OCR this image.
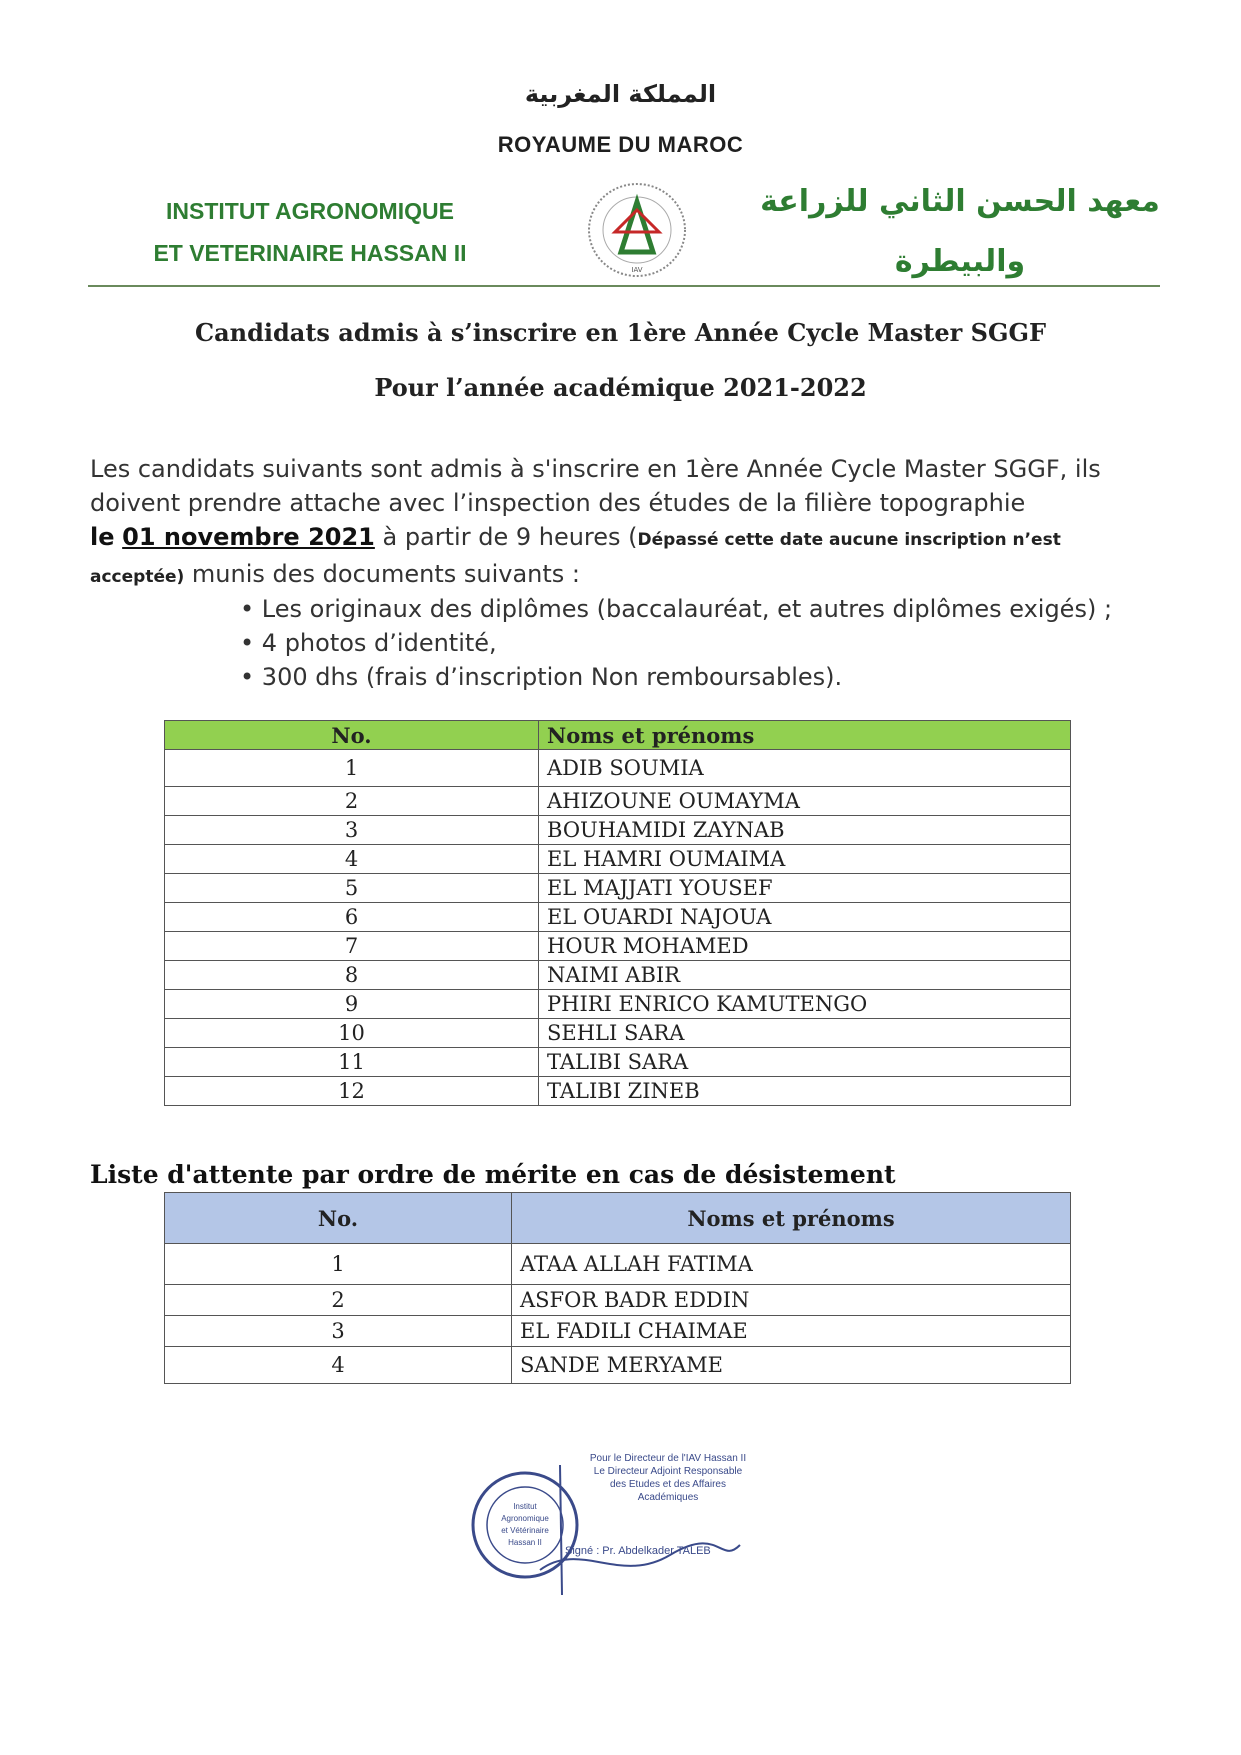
المملكة المغربية
ROYAUME DU MAROC
INSTITUT AGRONOMIQUE
ET VETERINAIRE HASSAN II
IAV
معهد الحسن الثاني للزراعة
والبيطرة
Candidats admis à s’inscrire en 1ère Année Cycle Master SGGF
Pour l’année académique 2021-2022
Les candidats suivants sont admis à s'inscrire en 1ère Année Cycle Master SGGF, ils
doivent prendre attache avec l’inspection des études de la filière topographie
le 01 novembre 2021 à partir de 9 heures (Dépassé cette date aucune inscription n’est acceptée) munis des documents suivants :
• Les originaux des diplômes (baccalauréat, et autres diplômes exigés) ;
• 4 photos d’identité,
• 300 dhs (frais d’inscription Non remboursables).
No.	Noms et prénoms
1	ADIB SOUMIA
2	AHIZOUNE OUMAYMA
3	BOUHAMIDI ZAYNAB
4	EL HAMRI OUMAIMA
5	EL MAJJATI YOUSEF
6	EL OUARDI NAJOUA
7	HOUR MOHAMED
8	NAIMI ABIR
9	PHIRI ENRICO KAMUTENGO
10	SEHLI SARA
11	TALIBI SARA
12	TALIBI ZINEB
Liste d'attente par ordre de mérite en cas de désistement
No.	Noms et prénoms
1	ATAA ALLAH FATIMA
2	ASFOR BADR EDDIN
3	EL FADILI CHAIMAE
4	SANDE MERYAME
Institut
Agronomique
et Vétérinaire
Hassan II
Pour le Directeur de l'IAV Hassan II
Le Directeur Adjoint Responsable
des Etudes et des Affaires
Académiques
Signé : Pr. Abdelkader TALEB
